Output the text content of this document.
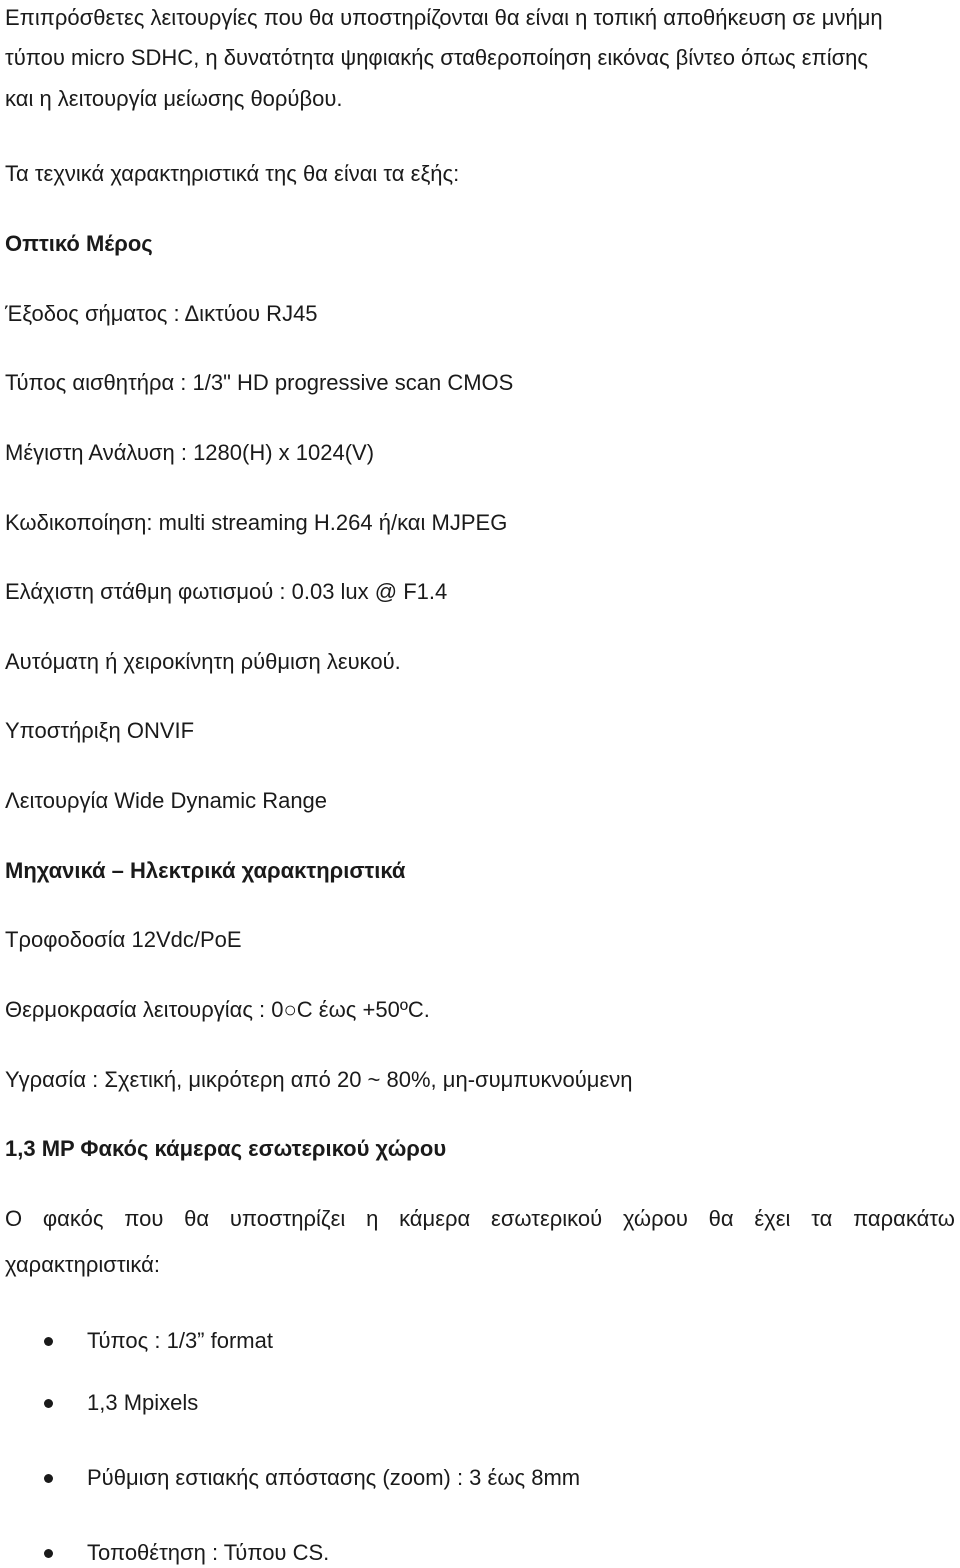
Επιπρόσθετες λειτουργίες που θα υποστηρίζονται θα είναι η τοπική αποθήκευση σε μνήμη
τύπου micro SDHC, η δυνατότητα ψηφιακής σταθεροποίηση εικόνας βίντεο όπως επίσης
και η λειτουργία μείωσης θορύβου.
Τα τεχνικά χαρακτηριστικά της θα είναι τα εξής:
Οπτικό Μέρος
Έξοδος σήματος : Δικτύου RJ45
Τύπος αισθητήρα : 1/3" HD progressive scan CMOS
Μέγιστη Ανάλυση : 1280(H) x 1024(V)
Κωδικοποίηση: multi streaming H.264 ή/και MJPEG
Ελάχιστη στάθμη φωτισμού : 0.03 lux @ F1.4
Αυτόματη ή χειροκίνητη ρύθμιση λευκού.
Υποστήριξη ONVIF
Λειτουργία Wide Dynamic Range
Μηχανικά – Ηλεκτρικά χαρακτηριστικά
Τροφοδοσία 12Vdc/PoE
Θερμοκρασία λειτουργίας : 0○C έως +50ºC.
Υγρασία : Σχετική, μικρότερη από 20 ~ 80%, μη-συμπυκνούμενη
1,3 MP Φακός κάμερας εσωτερικού χώρου
Ο φακός που θα υποστηρίζει η κάμερα εσωτερικού χώρου θα έχει τα παρακάτω
χαρακτηριστικά:
Τύπος : 1/3” format
1,3 Mpixels
Ρύθμιση εστιακής απόστασης (zoom) : 3 έως 8mm
Τοποθέτηση : Τύπου CS.
